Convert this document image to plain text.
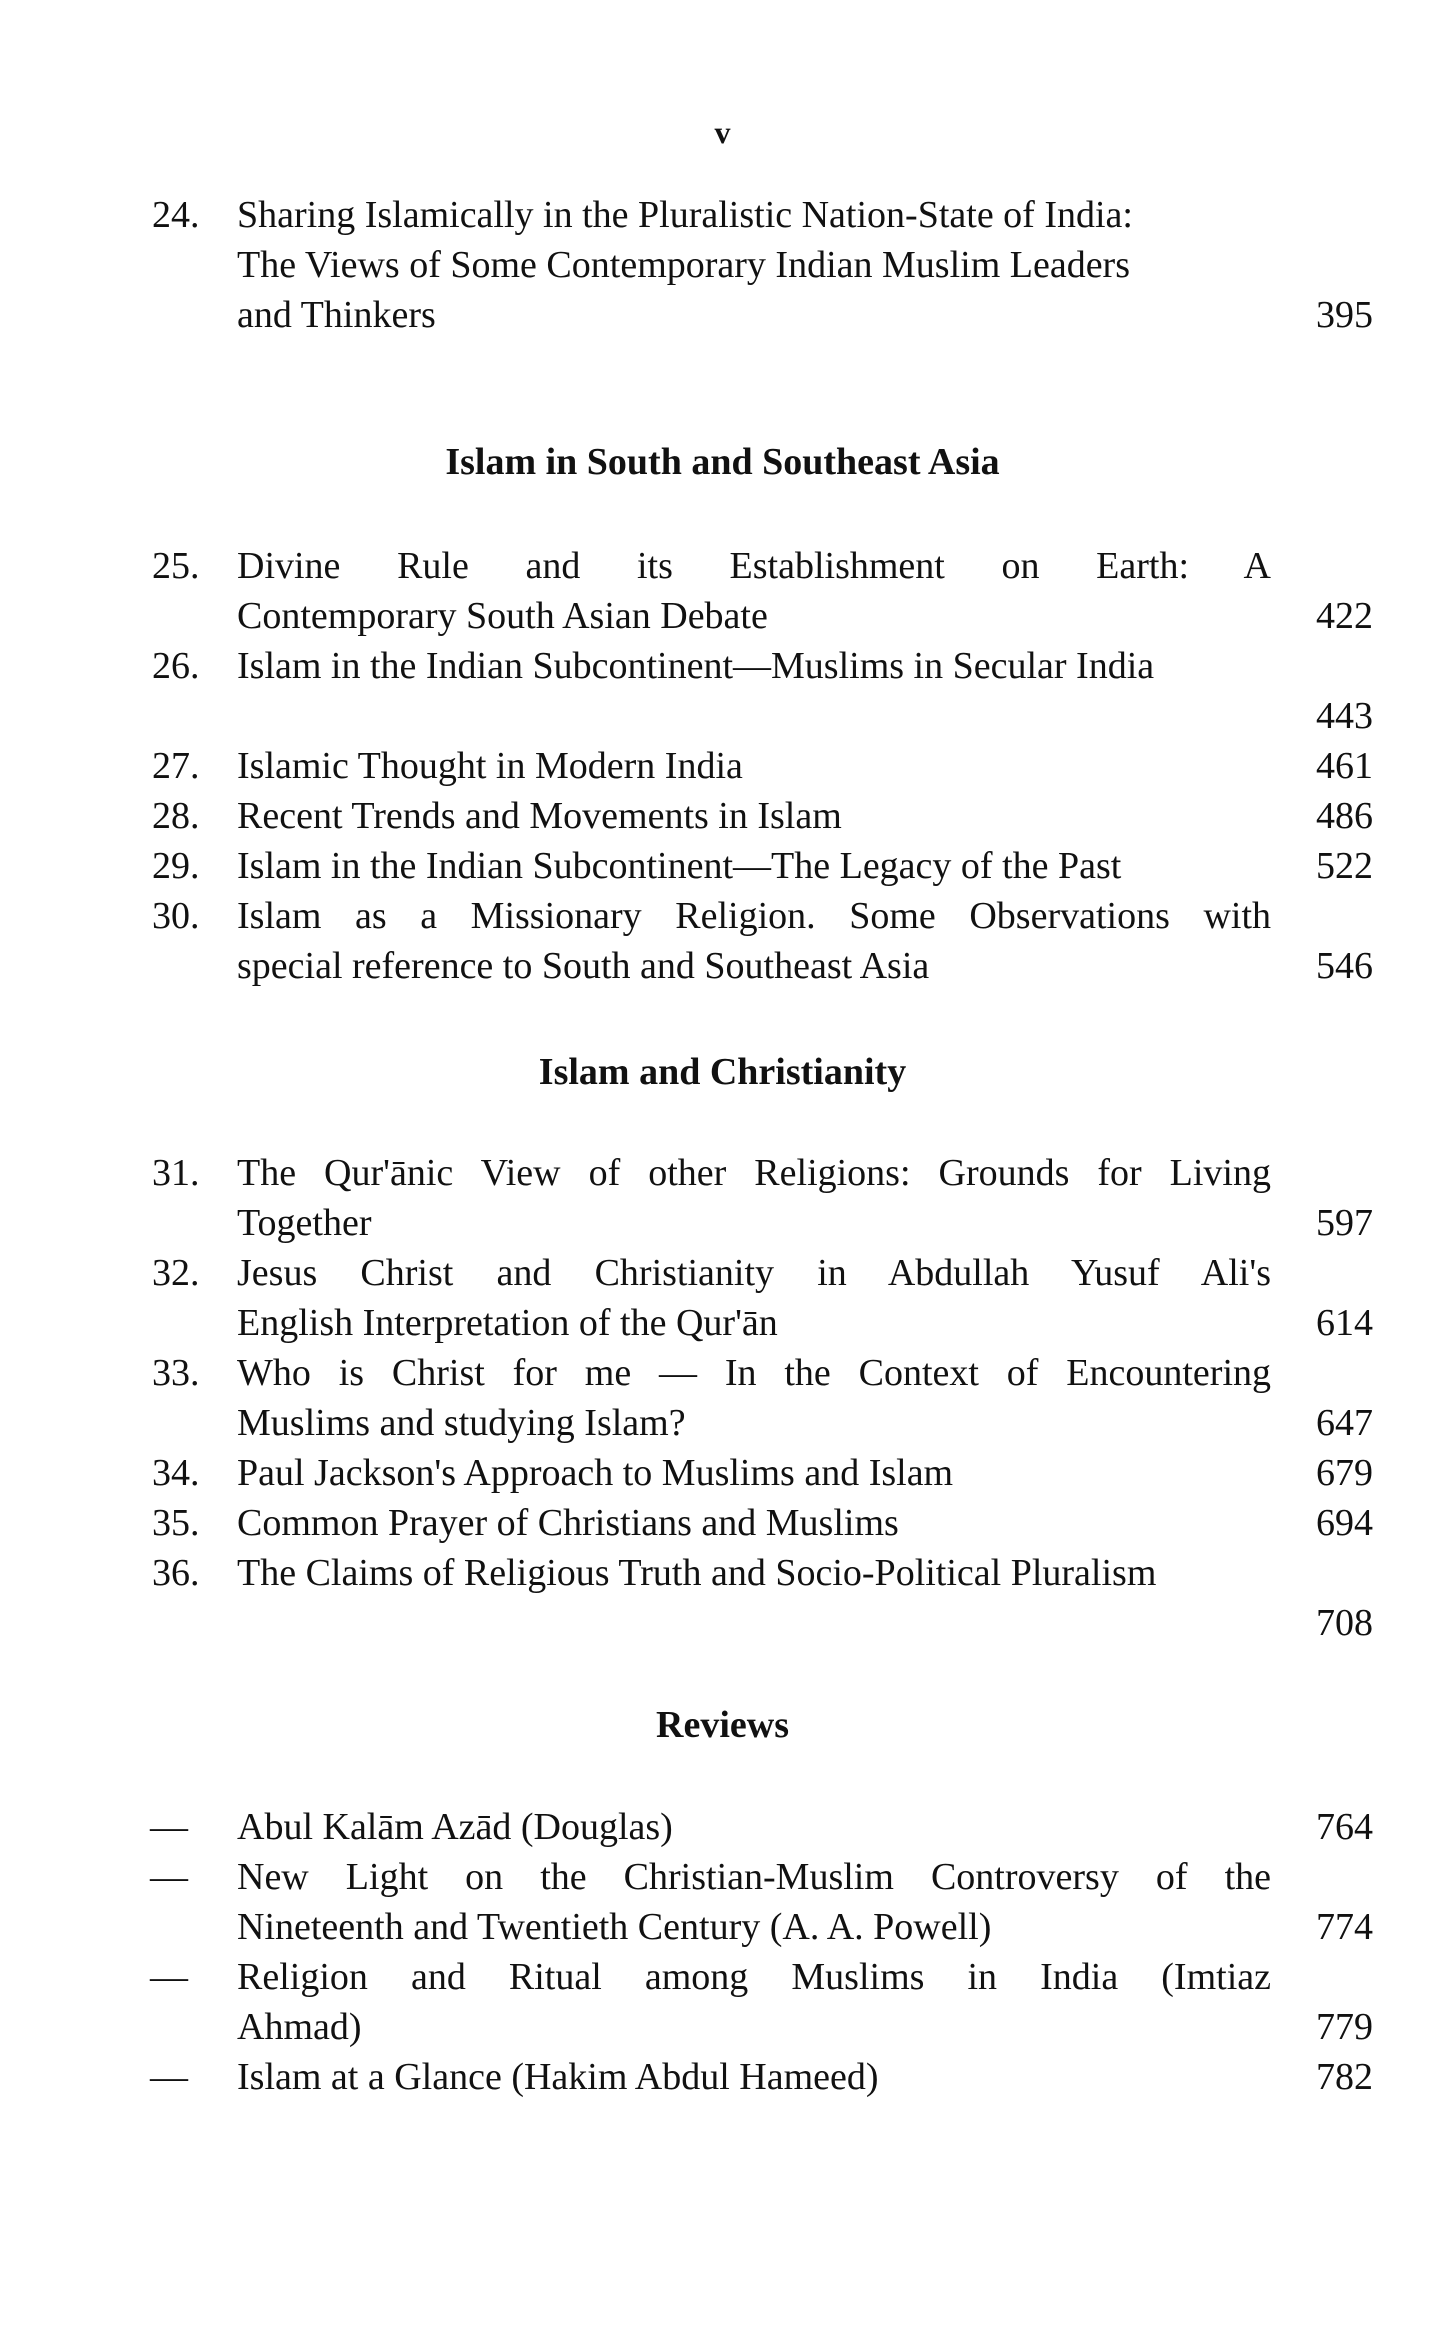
v
24. Sharing Islamically in the Pluralistic Nation-State of India:
The Views of Some Contemporary Indian Muslim Leaders
and Thinkers	395
Islam in South and Southeast Asia
25. Divine Rule and its Establishment on Earth: A
Contemporary South Asian Debate	422
26. Islam in the Indian Subcontinent—Muslims in Secular India
443
27. Islamic Thought in Modern India	461
28. Recent Trends and Movements in Islam	486
29. Islam in the Indian Subcontinent—The Legacy of the Past	522
30. Islam as a Missionary Religion. Some Observations with
special reference to South and Southeast Asia	546
Islam and Christianity
31. The Qur'ānic View of other Religions: Grounds for Living
Together	597
32. Jesus Christ and Christianity in Abdullah Yusuf Ali's
English Interpretation of the Qur'ān	614
33. Who is Christ for me — In the Context of Encountering
Muslims and studying Islam?	647
34. Paul Jackson's Approach to Muslims and Islam	679
35. Common Prayer of Christians and Muslims	694
36. The Claims of Religious Truth and Socio-Political Pluralism
708
Reviews
—	Abul Kalām Azād (Douglas)	764
—	New Light on the Christian-Muslim Controversy of the
Nineteenth and Twentieth Century (A. A. Powell)	774
—	Religion and Ritual among Muslims in India (Imtiaz
Ahmad)	779
—	Islam at a Glance (Hakim Abdul Hameed)	782
